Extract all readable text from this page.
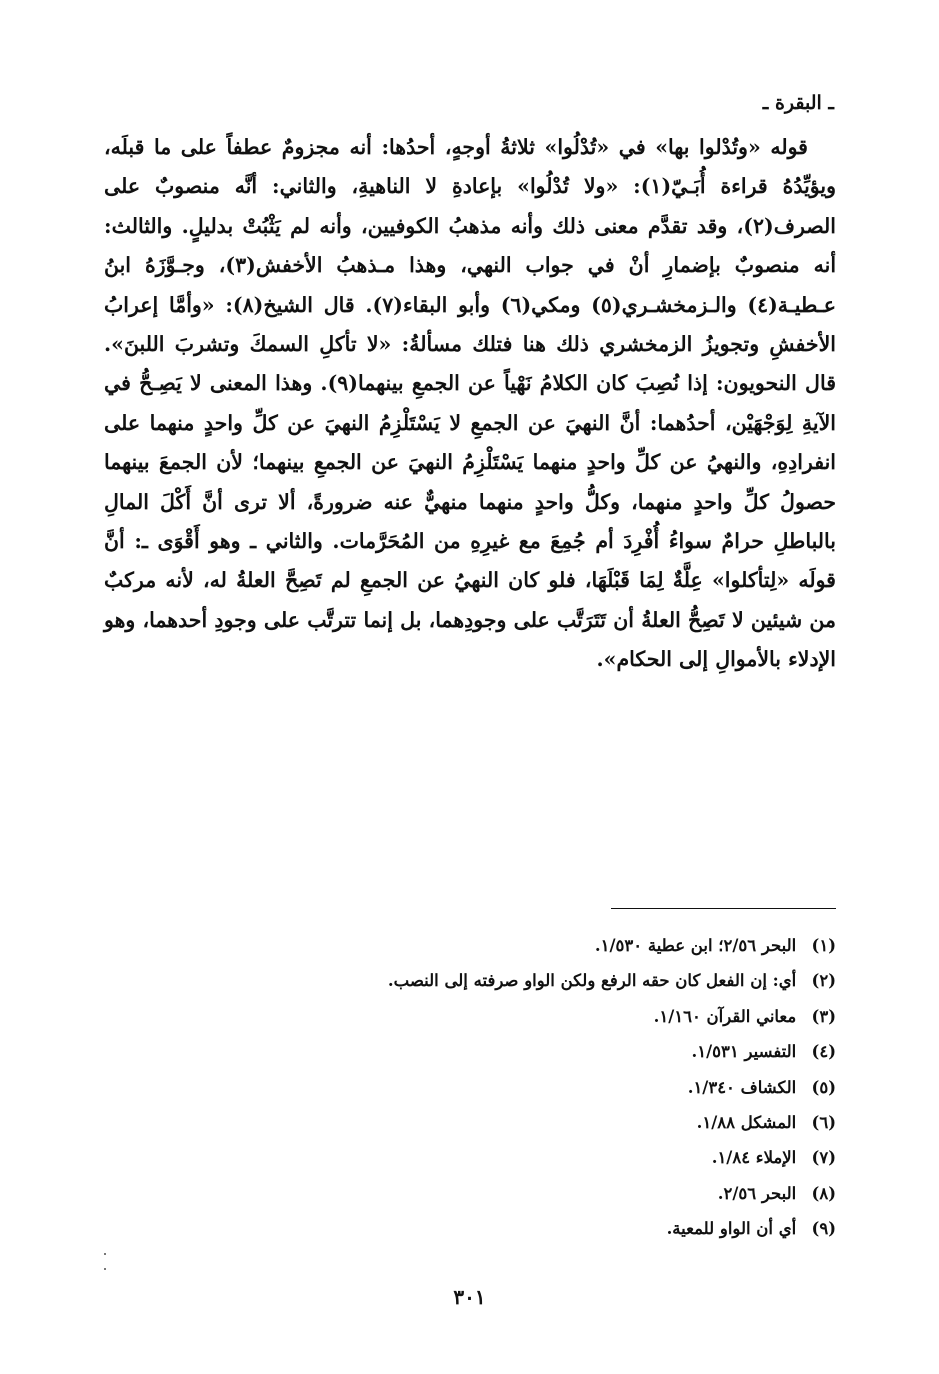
ـ البقرة ـ

قوله «وتُدْلوا بها» في «تُدْلُوا» ثلاثةُ أوجهٍ، أحدُها: أنه مجزومٌ عطفاً على ما قبلَه، ويؤيِّدُهُ قراءة أُبَـيّ(١): «ولا تُدْلُوا» بإعادةِ لا الناهيةِ، والثاني: أنَّه منصوبٌ على الصرف(٢)، وقد تقدَّم معنى ذلك وأنه مذهبُ الكوفيين، وأنه لم يَثْبُتْ بدليلٍ. والثالث: أنه منصوبٌ بإضمارِ أنْ في جواب النهي، وهذا مـذهبُ الأخفش(٣)، وجـوَّزَهُ ابنُ عـطيـة(٤) والـزمخشـري(٥) ومكي(٦) وأبو البقاء(٧). قال الشيخ(٨): «وأمَّا إعرابُ الأخفشِ وتجويزُ الزمخشري ذلك هنا فتلك مسألةُ: «لا تأكلِ السمكَ وتشربَ اللبنَ». قال النحويون: إذا نُصِبَ كان الكلامُ نَهْياً عن الجمعِ بينهما(٩). وهذا المعنى لا يَصِـحُّ في الآيةِ لِوَجْهَيْن، أحدُهما: أنَّ النهيَ عن الجمعِ لا يَسْتَلْزِمُ النهيَ عن كلِّ واحدٍ منهما على انفرادِهِ، والنهيُ عن كلِّ واحدٍ منهما يَسْتَلْزِمُ النهيَ عن الجمعِ بينهما؛ لأن الجمعَ بينهما حصولُ كلِّ واحدٍ منهما، وكلُّ واحدٍ منهما منهيٌّ عنه ضرورةً، ألا ترى أنَّ أَكْلَ المالِ بالباطلِ حرامٌ سواءُ أُفْرِدَ أم جُمِعَ مع غيرِهِ من المُحَرَّمات. والثاني ـ وهو أَقْوَى ـ: أنَّ قولَه «لِتأكلوا» عِلَّةٌ لِمَا قَبْلَهَا، فلو كان النهيُ عن الجمعِ لم تَصِحَّ العلةُ له، لأنه مركبٌ من شيئين لا تَصِحُّ العلةُ أن تَتَرَتَّب على وجودِهما، بل إنما تترتَّب على وجودِ أحدهما، وهو الإدلاء بالأموالِ إلى الحكام».

(١) البحر ٢/٥٦؛ ابن عطية ١/٥٣٠.
(٢) أي: إن الفعل كان حقه الرفع ولكن الواو صرفته إلى النصب.
(٣) معاني القرآن ١/١٦٠.
(٤) التفسير ١/٥٣١.
(٥) الكشاف ١/٣٤٠.
(٦) المشكل ١/٨٨.
(٧) الإملاء ١/٨٤.
(٨) البحر ٢/٥٦.
(٩) أي أن الواو للمعية.
٣٠١
